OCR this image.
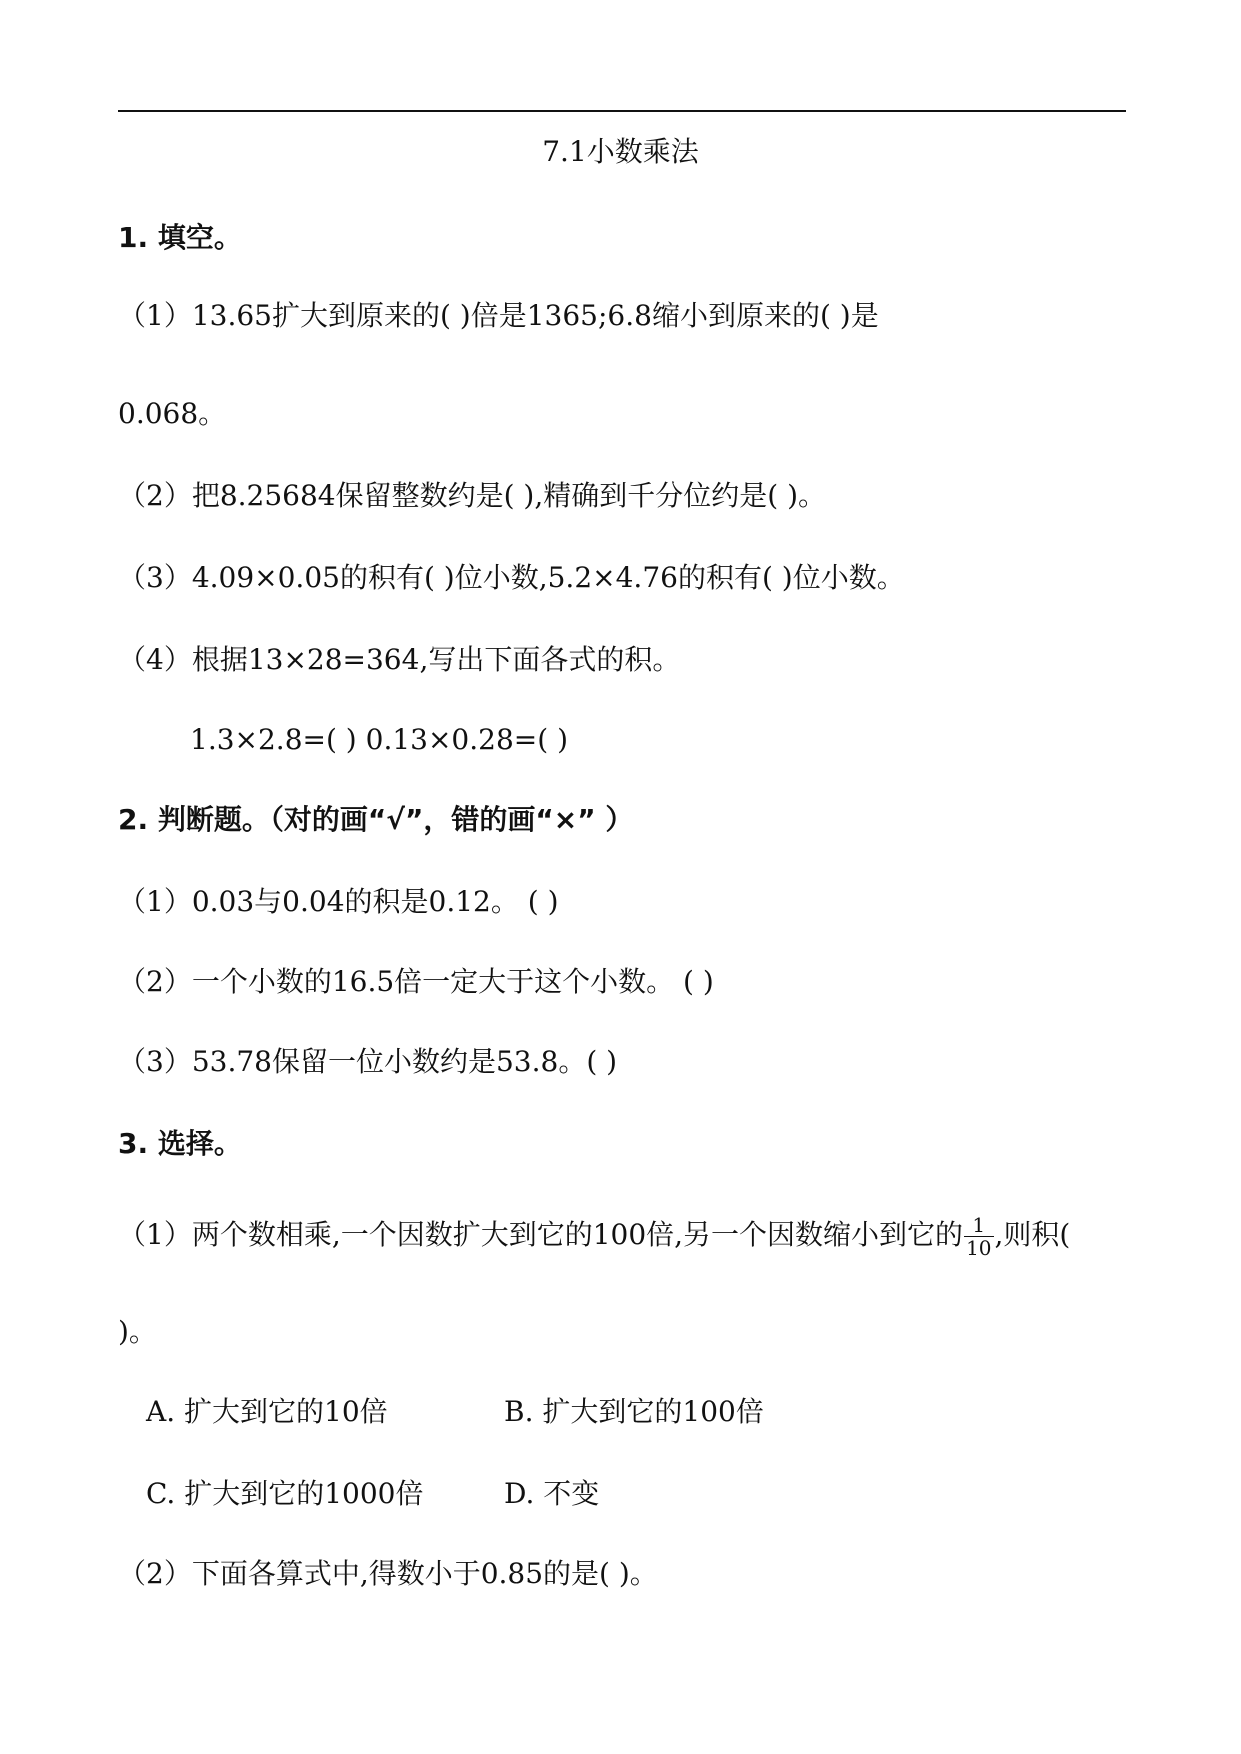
7.1小数乘法
1. 填空。
（1）13.65扩大到原来的( )倍是1365;6.8缩小到原来的( )是
0.068。
（2）把8.25684保留整数约是( ),精确到千分位约是( )。
（3）4.09×0.05的积有( )位小数,5.2×4.76的积有( )位小数。
（4）根据13×28=364,写出下面各式的积。
1.3×2.8=( ) 0.13×0.28=( )
2. 判断题。（对的画“√”，错的画“×” ）
（1）0.03与0.04的积是0.12。 ( )
（2）一个小数的16.5倍一定大于这个小数。 ( )
（3）53.78保留一位小数约是53.8。( )
3. 选择。
（1）两个数相乘,一个因数扩大到它的100倍,另一个因数缩小到它的 $\frac{1}{10}$ ,则积(
)。
A. 扩大到它的10倍	B. 扩大到它的100倍
C. 扩大到它的1000倍	D. 不变
（2）下面各算式中,得数小于0.85的是( )。
